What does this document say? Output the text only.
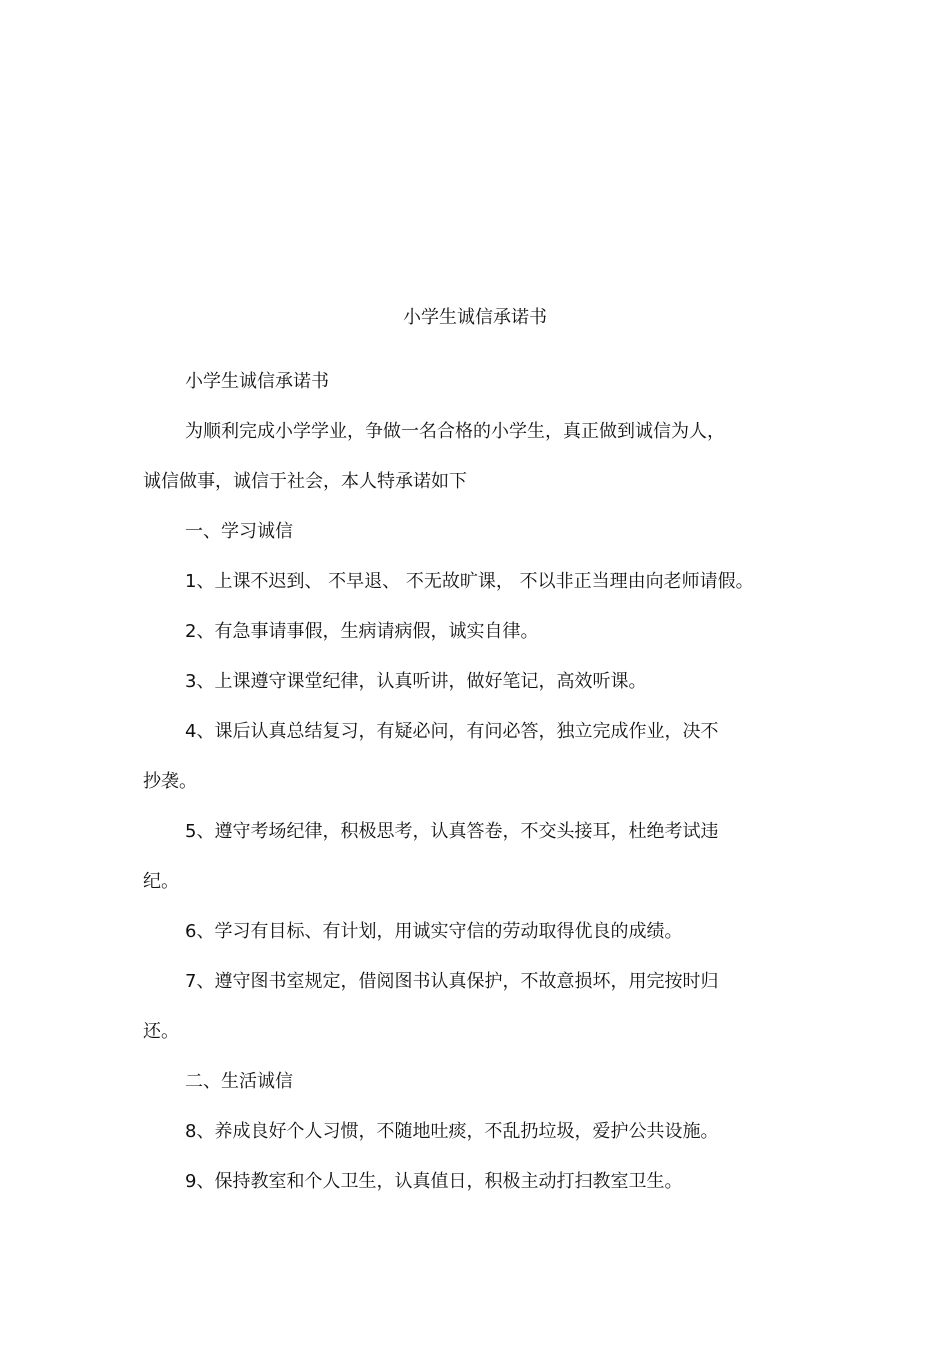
小学生诚信承诺书
小学生诚信承诺书
为顺利完成小学学业，争做一名合格的小学生，真正做到诚信为人，
诚信做事，诚信于社会，本人特承诺如下
一、学习诚信
1、上课不迟到、 不早退、 不无故旷课， 不以非正当理由向老师请假。
2、有急事请事假，生病请病假，诚实自律。
3、上课遵守课堂纪律，认真听讲，做好笔记，高效听课。
4、课后认真总结复习，有疑必问，有问必答，独立完成作业，决不
抄袭。
5、遵守考场纪律，积极思考，认真答卷，不交头接耳，杜绝考试违
纪。
6、学习有目标、有计划，用诚实守信的劳动取得优良的成绩。
7、遵守图书室规定，借阅图书认真保护，不故意损坏，用完按时归
还。
二、生活诚信
8、养成良好个人习惯，不随地吐痰，不乱扔垃圾，爱护公共设施。
9、保持教室和个人卫生，认真值日，积极主动打扫教室卫生。
